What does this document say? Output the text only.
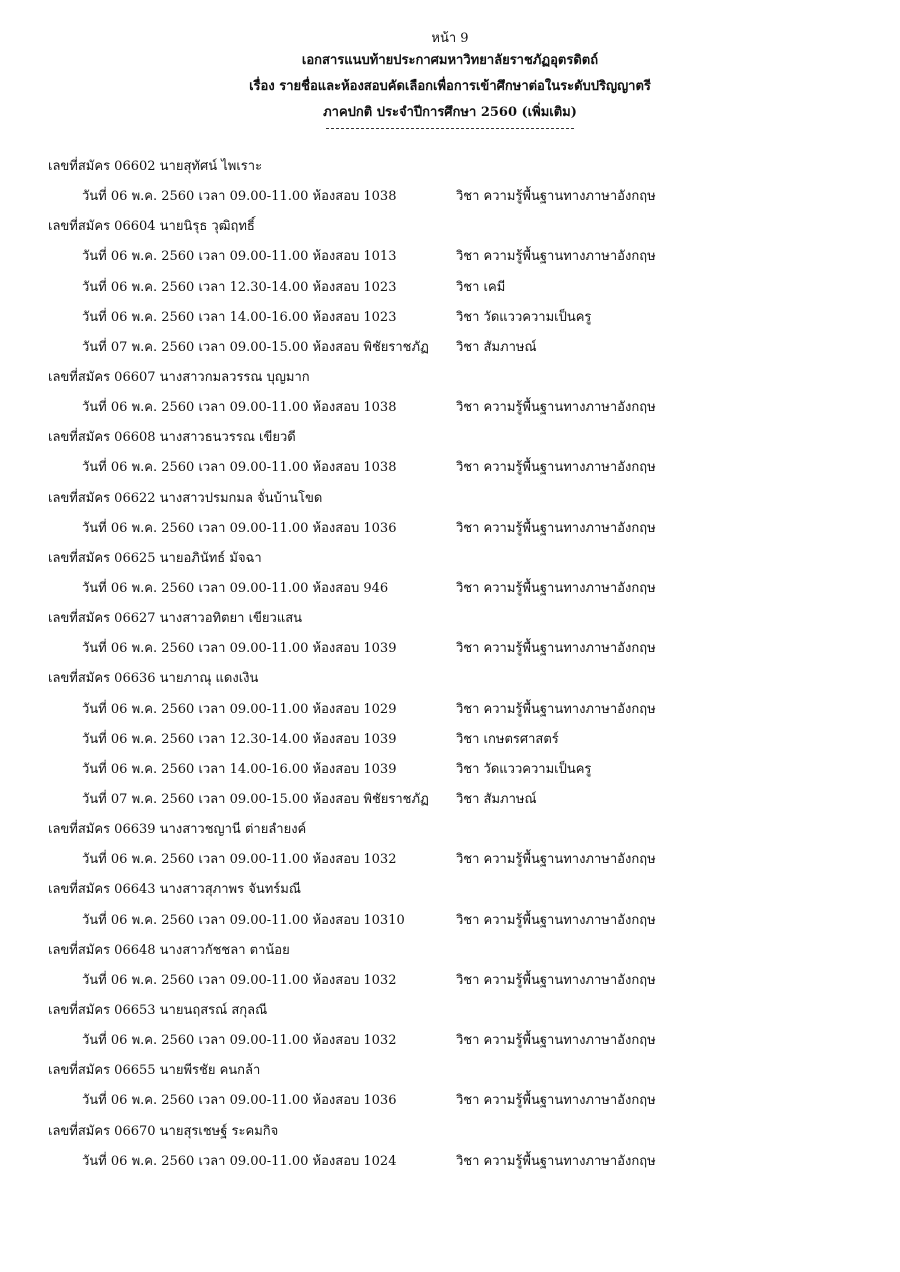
หน้า 9
เอกสารแนบท้ายประกาศมหาวิทยาลัยราชภัฏอุตรดิตถ์
เรื่อง รายชื่อและห้องสอบคัดเลือกเพื่อการเข้าศึกษาต่อในระดับปริญญาตรี
ภาคปกติ ประจำปีการศึกษา 2560 (เพิ่มเติม)
เลขที่สมัคร 06602 นายสุทัศน์ ไพเราะ
วันที่ 06 พ.ค. 2560 เวลา 09.00-11.00 ห้องสอบ 1038	วิชา ความรู้พื้นฐานทางภาษาอังกฤษ
เลขที่สมัคร 06604 นายนิรุธ วุฒิฤทธิ์
วันที่ 06 พ.ค. 2560 เวลา 09.00-11.00 ห้องสอบ 1013	วิชา ความรู้พื้นฐานทางภาษาอังกฤษ
วันที่ 06 พ.ค. 2560 เวลา 12.30-14.00 ห้องสอบ 1023	วิชา เคมี
วันที่ 06 พ.ค. 2560 เวลา 14.00-16.00 ห้องสอบ 1023	วิชา วัดแววความเป็นครู
วันที่ 07 พ.ค. 2560 เวลา 09.00-15.00 ห้องสอบ พิชัยราชภัฏ วิชา สัมภาษณ์
เลขที่สมัคร 06607 นางสาวกมลวรรณ บุญมาก
วันที่ 06 พ.ค. 2560 เวลา 09.00-11.00 ห้องสอบ 1038	วิชา ความรู้พื้นฐานทางภาษาอังกฤษ
เลขที่สมัคร 06608 นางสาวธนวรรณ เขียวดี
วันที่ 06 พ.ค. 2560 เวลา 09.00-11.00 ห้องสอบ 1038	วิชา ความรู้พื้นฐานทางภาษาอังกฤษ
เลขที่สมัคร 06622 นางสาวปรมกมล จั่นบ้านโขด
วันที่ 06 พ.ค. 2560 เวลา 09.00-11.00 ห้องสอบ 1036	วิชา ความรู้พื้นฐานทางภาษาอังกฤษ
เลขที่สมัคร 06625 นายอภินัทธ์ มัจฉา
วันที่ 06 พ.ค. 2560 เวลา 09.00-11.00 ห้องสอบ 946	วิชา ความรู้พื้นฐานทางภาษาอังกฤษ
เลขที่สมัคร 06627 นางสาวอทิตยา เขียวแสน
วันที่ 06 พ.ค. 2560 เวลา 09.00-11.00 ห้องสอบ 1039	วิชา ความรู้พื้นฐานทางภาษาอังกฤษ
เลขที่สมัคร 06636 นายภาณุ แดงเงิน
วันที่ 06 พ.ค. 2560 เวลา 09.00-11.00 ห้องสอบ 1029	วิชา ความรู้พื้นฐานทางภาษาอังกฤษ
วันที่ 06 พ.ค. 2560 เวลา 12.30-14.00 ห้องสอบ 1039	วิชา เกษตรศาสตร์
วันที่ 06 พ.ค. 2560 เวลา 14.00-16.00 ห้องสอบ 1039	วิชา วัดแววความเป็นครู
วันที่ 07 พ.ค. 2560 เวลา 09.00-15.00 ห้องสอบ พิชัยราชภัฏ วิชา สัมภาษณ์
เลขที่สมัคร 06639 นางสาวชญานี ต่ายลำยงค์
วันที่ 06 พ.ค. 2560 เวลา 09.00-11.00 ห้องสอบ 1032	วิชา ความรู้พื้นฐานทางภาษาอังกฤษ
เลขที่สมัคร 06643 นางสาวสุภาพร จันทร์มณี
วันที่ 06 พ.ค. 2560 เวลา 09.00-11.00 ห้องสอบ 10310	วิชา ความรู้พื้นฐานทางภาษาอังกฤษ
เลขที่สมัคร 06648 นางสาวกัชชลา ตาน้อย
วันที่ 06 พ.ค. 2560 เวลา 09.00-11.00 ห้องสอบ 1032	วิชา ความรู้พื้นฐานทางภาษาอังกฤษ
เลขที่สมัคร 06653 นายนฤสรณ์ สกุลณี
วันที่ 06 พ.ค. 2560 เวลา 09.00-11.00 ห้องสอบ 1032	วิชา ความรู้พื้นฐานทางภาษาอังกฤษ
เลขที่สมัคร 06655 นายพีรชัย คนกล้า
วันที่ 06 พ.ค. 2560 เวลา 09.00-11.00 ห้องสอบ 1036	วิชา ความรู้พื้นฐานทางภาษาอังกฤษ
เลขที่สมัคร 06670 นายสุรเชษฐ์ ระคมกิจ
วันที่ 06 พ.ค. 2560 เวลา 09.00-11.00 ห้องสอบ 1024	วิชา ความรู้พื้นฐานทางภาษาอังกฤษ
